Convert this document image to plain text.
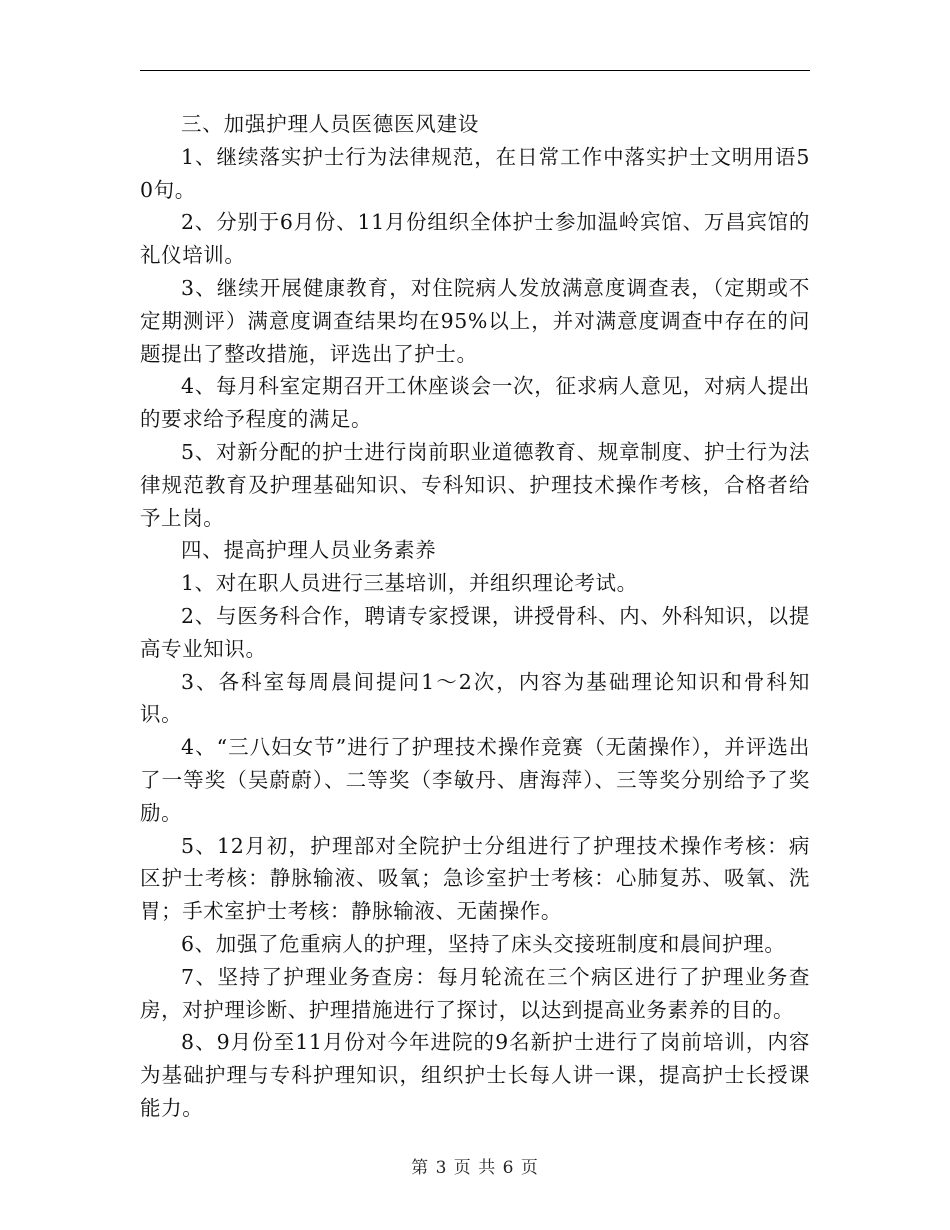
三、加强护理人员医德医风建设

1、继续落实护士行为法律规范，在日常工作中落实护士文明用语50句。

2、分别于6月份、11月份组织全体护士参加温岭宾馆、万昌宾馆的礼仪培训。

3、继续开展健康教育，对住院病人发放满意度调查表，（定期或不定期测评）满意度调查结果均在95%以上，并对满意度调查中存在的问题提出了整改措施，评选出了护士。

4、每月科室定期召开工休座谈会一次，征求病人意见，对病人提出的要求给予程度的满足。

5、对新分配的护士进行岗前职业道德教育、规章制度、护士行为法律规范教育及护理基础知识、专科知识、护理技术操作考核，合格者给予上岗。

四、提高护理人员业务素养

1、对在职人员进行三基培训，并组织理论考试。

2、与医务科合作，聘请专家授课，讲授骨科、内、外科知识，以提高专业知识。

3、各科室每周晨间提问1～2次，内容为基础理论知识和骨科知识。

4、“三八妇女节”进行了护理技术操作竞赛（无菌操作），并评选出了一等奖（吴蔚蔚）、二等奖（李敏丹、唐海萍）、三等奖分别给予了奖励。

5、12月初，护理部对全院护士分组进行了护理技术操作考核：病区护士考核：静脉输液、吸氧；急诊室护士考核：心肺复苏、吸氧、洗胃；手术室护士考核：静脉输液、无菌操作。

6、加强了危重病人的护理，坚持了床头交接班制度和晨间护理。

7、坚持了护理业务查房：每月轮流在三个病区进行了护理业务查房，对护理诊断、护理措施进行了探讨，以达到提高业务素养的目的。

8、9月份至11月份对今年进院的9名新护士进行了岗前培训，内容为基础护理与专科护理知识，组织护士长每人讲一课，提高护士长授课能力。

第 3 页 共 6 页
